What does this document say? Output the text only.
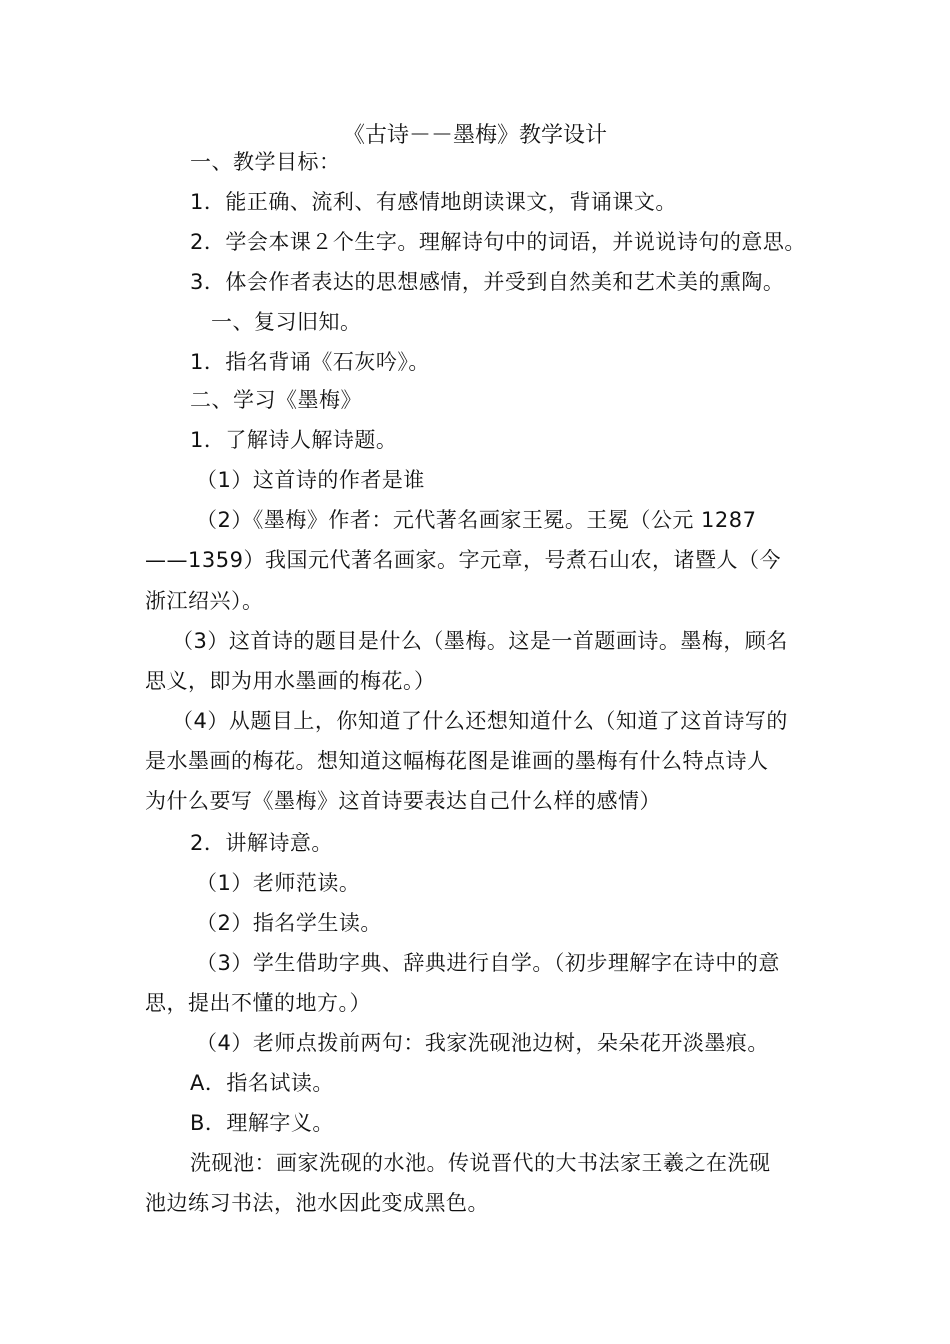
《古诗－－墨梅》教学设计
一、教学目标：
1．能正确、流利、有感情地朗读课文，背诵课文。
2．学会本课２个生字。理解诗句中的词语，并说说诗句的意思。
3．体会作者表达的思想感情，并受到自然美和艺术美的熏陶。
一、复习旧知。
1．指名背诵《石灰吟》。
二、学习《墨梅》
1．了解诗人解诗题。
（1）这首诗的作者是谁
（2）《墨梅》作者：元代著名画家王冕。王冕（公元 1287
——1359）我国元代著名画家。字元章，号煮石山农，诸暨人（今
浙江绍兴）。
（3）这首诗的题目是什么（墨梅。这是一首题画诗。墨梅，顾名
思义，即为用水墨画的梅花。）
（4）从题目上，你知道了什么还想知道什么（知道了这首诗写的
是水墨画的梅花。想知道这幅梅花图是谁画的墨梅有什么特点诗人
为什么要写《墨梅》这首诗要表达自己什么样的感情）
2．讲解诗意。
（1）老师范读。
（2）指名学生读。
（3）学生借助字典、辞典进行自学。（初步理解字在诗中的意
思，提出不懂的地方。）
（4）老师点拨前两句：我家洗砚池边树，朵朵花开淡墨痕。
A．指名试读。
B．理解字义。
洗砚池：画家洗砚的水池。传说晋代的大书法家王羲之在洗砚
池边练习书法，池水因此变成黑色。
